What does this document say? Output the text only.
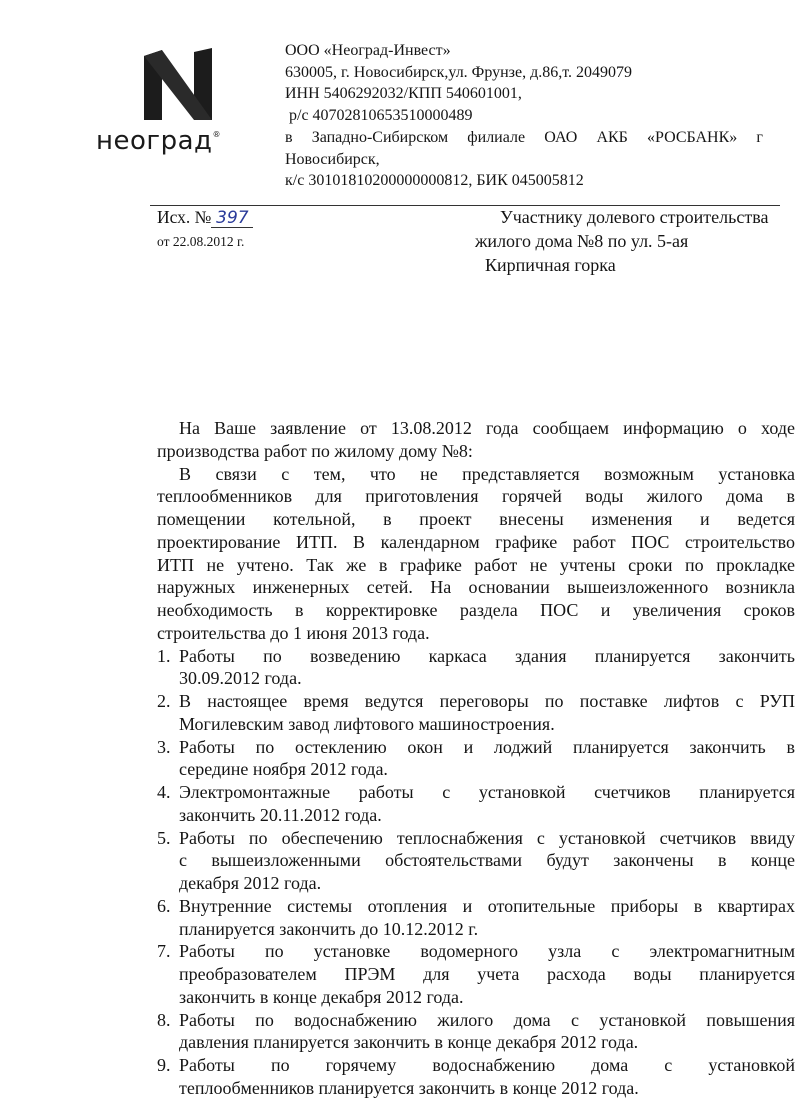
неоград®
ООО «Неоград-Инвест»
630005, г. Новосибирск,ул. Фрунзе, д.86,т. 2049079
ИНН 5406292032/КПП 540601001,
р/с 40702810653510000489
в Западно-Сибирском филиале ОАО АКБ «РОСБАНК» г
Новосибирск,
к/с 30101810200000000812, БИК 045005812
Исх. № 397
от 22.08.2012 г.
Участнику долевого строительства
жилого дома №8 по ул. 5-ая
Кирпичная горка
На Ваше заявление от 13.08.2012 года сообщаем информацию о ходе
производства работ по жилому дому №8:
В связи с тем, что не представляется возможным установка
теплообменников для приготовления горячей воды жилого дома в
помещении котельной, в проект внесены изменения и ведется
проектирование ИТП. В календарном графике работ ПОС строительство
ИТП не учтено. Так же в графике работ не учтены сроки по прокладке
наружных инженерных сетей. На основании вышеизложенного возникла
необходимость в корректировке раздела ПОС и увеличения сроков
строительства до 1 июня 2013 года.
1. Работы по возведению каркаса здания планируется закончить
30.09.2012 года.
2. В настоящее время ведутся переговоры по поставке лифтов с РУП
Могилевским завод лифтового машиностроения.
3. Работы по остеклению окон и лоджий планируется закончить в
середине ноября 2012 года.
4. Электромонтажные работы с установкой счетчиков планируется
закончить 20.11.2012 года.
5. Работы по обеспечению теплоснабжения с установкой счетчиков ввиду
с вышеизложенными обстоятельствами будут закончены в конце
декабря 2012 года.
6. Внутренние системы отопления и отопительные приборы в квартирах
планируется закончить до 10.12.2012 г.
7. Работы по установке водомерного узла с электромагнитным
преобразователем ПРЭМ для учета расхода воды планируется
закончить в конце декабря 2012 года.
8. Работы по водоснабжению жилого дома с установкой повышения
давления планируется закончить в конце декабря 2012 года.
9. Работы по горячему водоснабжению дома с установкой
теплообменников планируется закончить в конце 2012 года.
